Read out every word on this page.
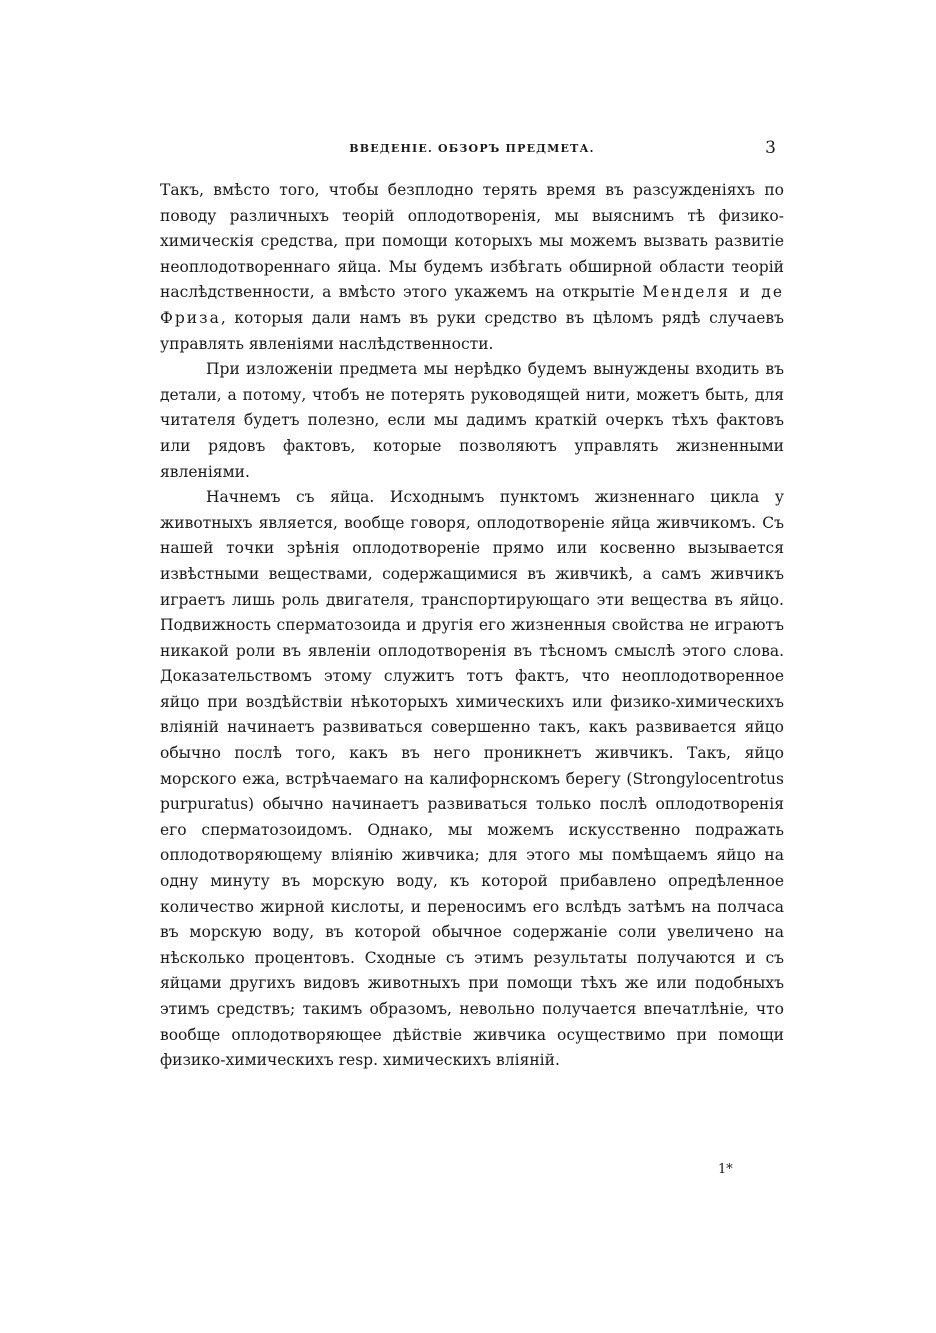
ВВЕДЕНІЕ. ОБЗОРЪ ПРЕДМЕТА.	3

Такъ, вмѣсто того, чтобы безплодно терять время въ разсужденіяхъ по поводу различныхъ теорій оплодотворенія, мы выяснимъ тѣ физико-химическія средства, при помощи которыхъ мы можемъ вызвать развитіе неоплодотвореннаго яйца. Мы будемъ избѣгать обширной области теорій наслѣдственности, а вмѣсто этого укажемъ на открытіе Менделя и де Фриза, которыя дали намъ въ руки средство въ цѣломъ рядѣ случаевъ управлять явленіями наслѣдственности.

При изложеніи предмета мы нерѣдко будемъ вынуждены входить въ детали, а потому, чтобъ не потерять руководящей нити, можетъ быть, для читателя будетъ полезно, если мы дадимъ краткій очеркъ тѣхъ фактовъ или рядовъ фактовъ, которые позволяютъ управлять жизненными явленіями.

Начнемъ съ яйца. Исходнымъ пунктомъ жизненнаго цикла у животныхъ является, вообще говоря, оплодотвореніе яйца живчикомъ. Съ нашей точки зрѣнія оплодотвореніе прямо или косвенно вызывается извѣстными веществами, содержащимися въ живчикѣ, а самъ живчикъ играетъ лишь роль двигателя, транспортирующаго эти вещества въ яйцо. Подвижность сперматозоида и другія его жизненныя свойства не играютъ никакой роли въ явленіи оплодотворенія въ тѣсномъ смыслѣ этого слова. Доказательствомъ этому служитъ тотъ фактъ, что неоплодотворенное яйцо при воздѣйствіи нѣкоторыхъ химическихъ или физико-химическихъ вліяній начинаетъ развиваться совершенно такъ, какъ развивается яйцо обычно послѣ того, какъ въ него проникнетъ живчикъ. Такъ, яйцо морского ежа, встрѣчаемаго на калифорнскомъ берегу (Strongylocentrotus purpuratus) обычно начинаетъ развиваться только послѣ оплодотворенія его сперматозоидомъ. Однако, мы можемъ искусственно подражать оплодотворяющему вліянію живчика; для этого мы помѣщаемъ яйцо на одну минуту въ морскую воду, къ которой прибавлено опредѣленное количество жирной кислоты, и переносимъ его вслѣдъ затѣмъ на полчаса въ морскую воду, въ которой обычное содержаніе соли увеличено на нѣсколько процентовъ. Сходные съ этимъ результаты получаются и съ яйцами другихъ видовъ животныхъ при помощи тѣхъ же или подобныхъ этимъ средствъ; такимъ образомъ, невольно получается впечатлѣніе, что вообще оплодотворяющее дѣйствіе живчика осуществимо при помощи физико-химическихъ resp. химическихъ вліяній.

1*
